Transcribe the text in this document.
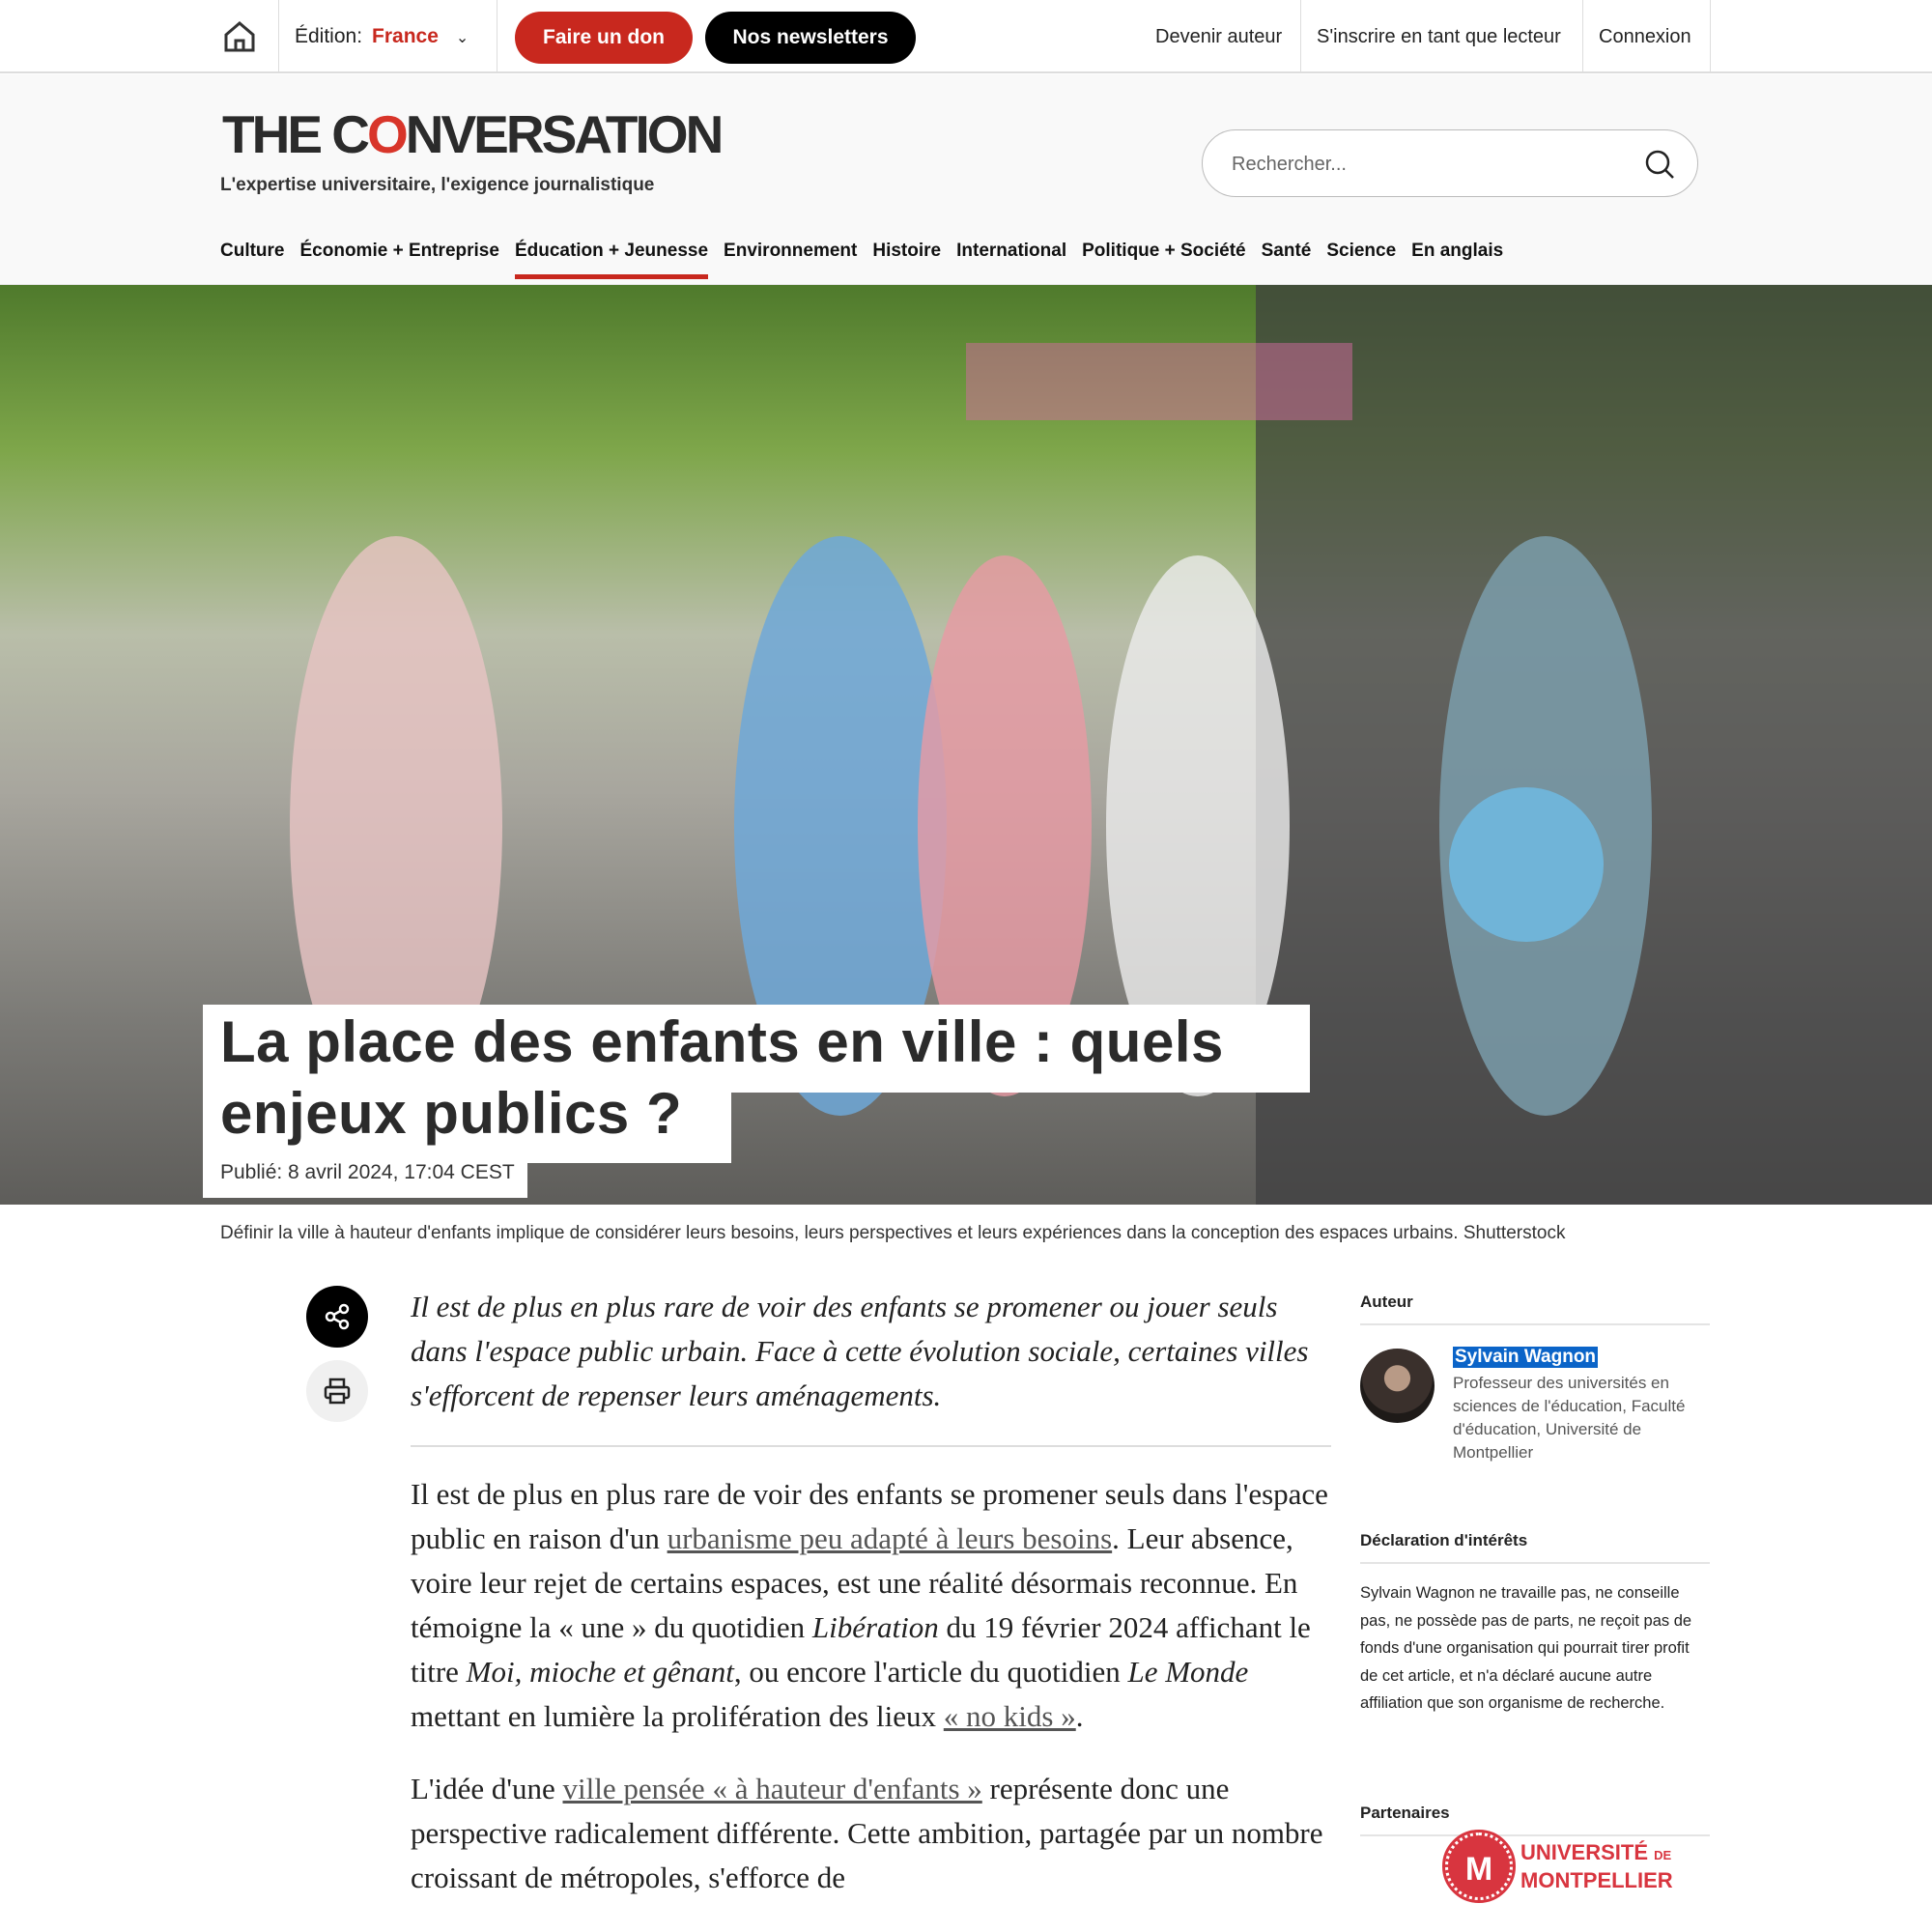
Édition: France ⌄	Faire un don	Nos newsletters	Devenir auteur S'inscrire en tant que lecteur Connexion
THE CONVERSATION
L'expertise universitaire, l'exigence journalistique
Rechercher...
Culture Économie + Entreprise Éducation + Jeunesse Environnement Histoire International Politique + Société Santé Science En anglais
La place des enfants en ville : quels
enjeux publics ?
Publié: 8 avril 2024, 17:04 CEST
Définir la ville à hauteur d'enfants implique de considérer leurs besoins, leurs perspectives et leurs expériences dans la conception des espaces urbains. Shutterstock

Il est de plus en plus rare de voir des enfants se promener ou jouer seuls dans l'espace public urbain. Face à cette évolution sociale, certaines villes s'efforcent de repenser leurs aménagements.

Il est de plus en plus rare de voir des enfants se promener seuls dans l'espace public en raison d'un urbanisme peu adapté à leurs besoins. Leur absence, voire leur rejet de certains espaces, est une réalité désormais reconnue. En témoigne la « une » du quotidien Libération du 19 février 2024 affichant le titre Moi, mioche et gênant, ou encore l'article du quotidien Le Monde mettant en lumière la prolifération des lieux « no kids ».

L'idée d'une ville pensée « à hauteur d'enfants » représente donc une perspective radicalement différente. Cette ambition, partagée par un nombre croissant de métropoles, s'efforce de

Auteur
Sylvain Wagnon
Professeur des universités en sciences de l'éducation, Faculté d'éducation, Université de Montpellier
Déclaration d'intérêts

Sylvain Wagnon ne travaille pas, ne conseille pas, ne possède pas de parts, ne reçoit pas de fonds d'une organisation qui pourrait tirer profit de cet article, et n'a déclaré aucune autre affiliation que son organisme de recherche.

Partenaires
M	UNIVERSITÉ DE
MONTPELLIER
